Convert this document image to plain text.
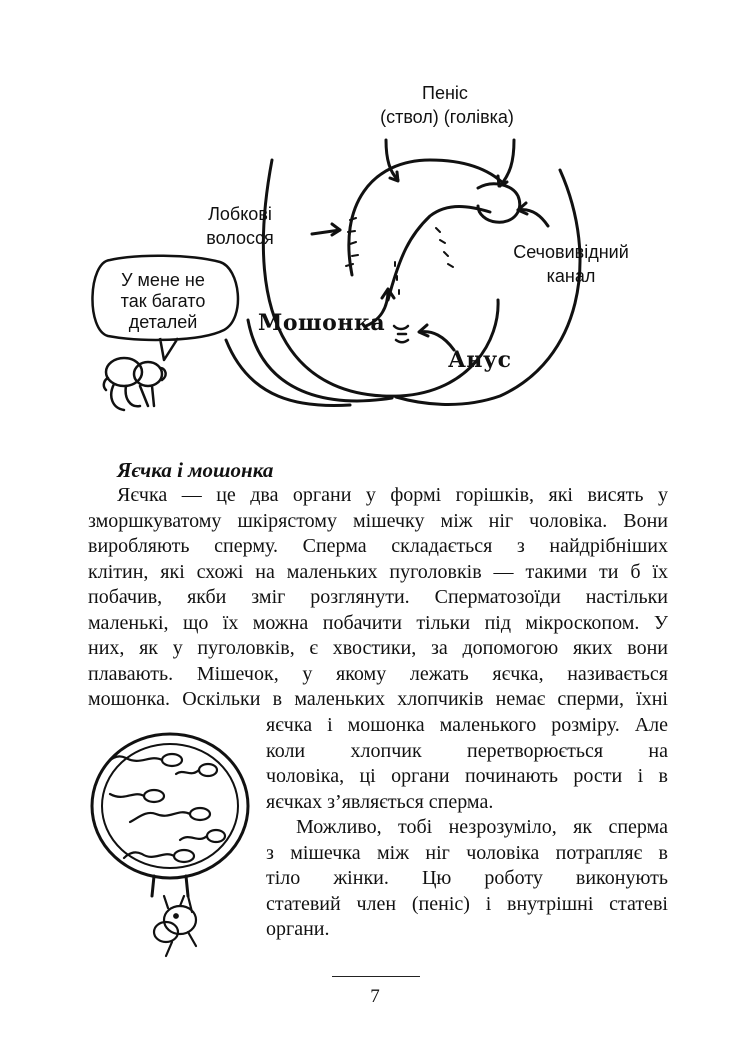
Пеніс
(ствол) (голівка)
Лобкові
волосся
Сечовивідний
канал
Мошонка
Анус
У мене не
так багато
деталей
Яєчка і мошонка
Яєчка — це два органи у формі горішків, які висять у
зморшкуватому шкірястому мішечку між ніг чоловіка. Вони
виробляють сперму. Сперма складається з найдрібніших
клітин, які схожі на маленьких пуголовків — такими ти б їх
побачив, якби зміг розглянути. Сперматозоїди настільки
маленькі, що їх можна побачити тільки під мікроскопом. У
них, як у пуголовків, є хвостики, за допомогою яких вони
плавають. Мішечок, у якому лежать яєчка, називається
мошонка. Оскільки в маленьких хлопчиків немає сперми, їхні
яєчка і мошонка маленького розміру. Але
коли хлопчик перетворюється на
чоловіка, ці органи починають рости і в
яєчках з’являється сперма.
Можливо, тобі незрозуміло, як сперма
з мішечка між ніг чоловіка потрапляє в
тіло жінки. Цю роботу виконують
статевий член (пеніс) і внутрішні статеві
органи.
7
